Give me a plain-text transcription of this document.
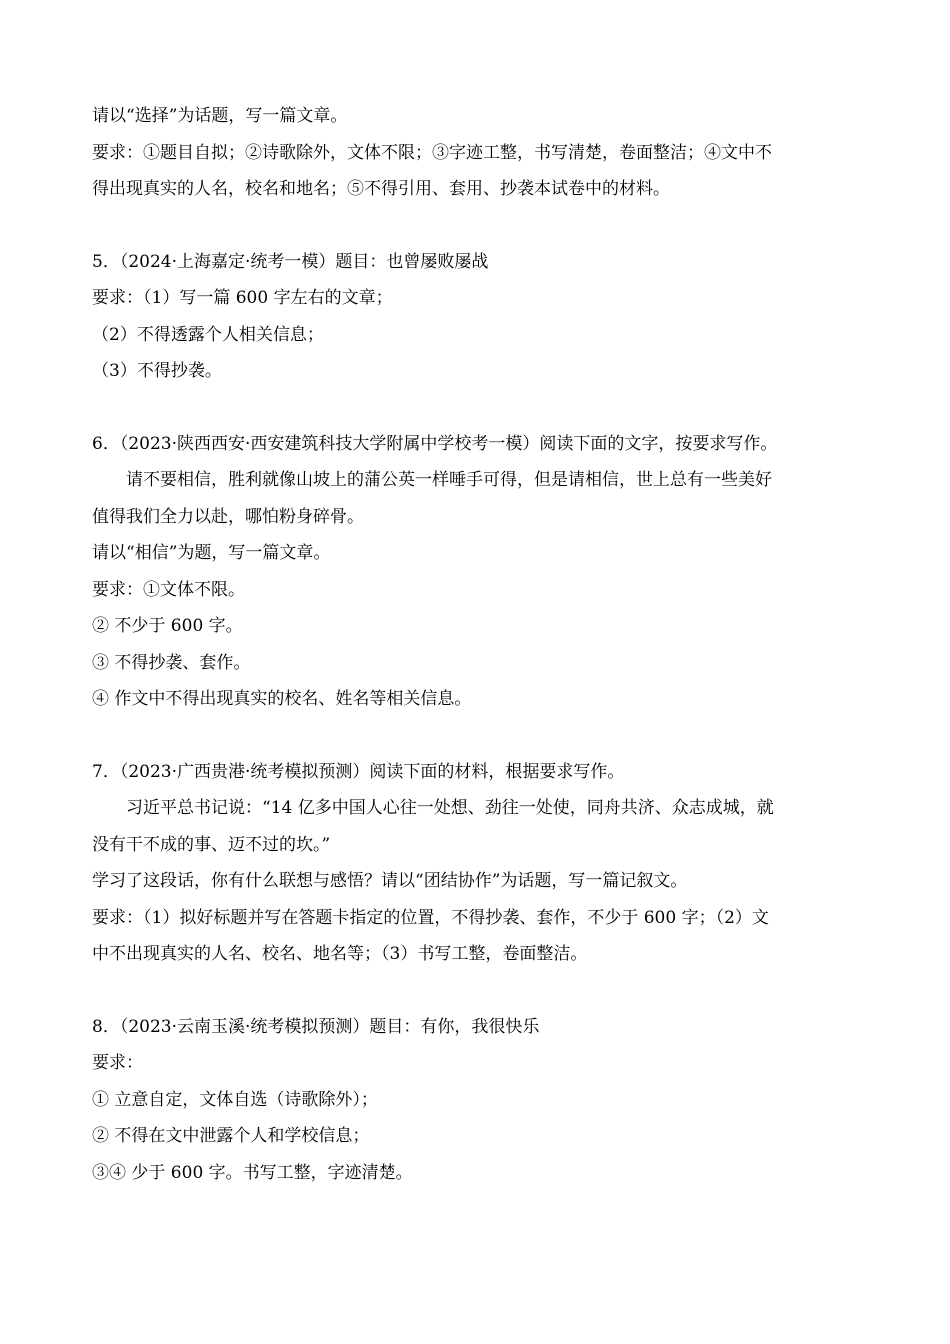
请以“选择”为话题，写一篇文章。
要求：①题目自拟；②诗歌除外，文体不限；③字迹工整，书写清楚，卷面整洁；④文中不
得出现真实的人名，校名和地名；⑤不得引用、套用、抄袭本试卷中的材料。
5．（2024·上海嘉定·统考一模）题目：也曾屡败屡战
要求：（1）写一篇 600 字左右的文章；
（2）不得透露个人相关信息；
（3）不得抄袭。
6．（2023·陕西西安·西安建筑科技大学附属中学校考一模）阅读下面的文字，按要求写作。
请不要相信，胜利就像山坡上的蒲公英一样唾手可得，但是请相信，世上总有一些美好
值得我们全力以赴，哪怕粉身碎骨。
请以“相信”为题，写一篇文章。
要求：①文体不限。
② 不少于 600 字。
③ 不得抄袭、套作。
④ 作文中不得出现真实的校名、姓名等相关信息。
7．（2023·广西贵港·统考模拟预测）阅读下面的材料，根据要求写作。
习近平总书记说：“14 亿多中国人心往一处想、劲往一处使，同舟共济、众志成城，就
没有干不成的事、迈不过的坎。”
学习了这段话，你有什么联想与感悟？请以“团结协作”为话题，写一篇记叙文。
要求：（1）拟好标题并写在答题卡指定的位置，不得抄袭、套作，不少于 600 字；（2）文
中不出现真实的人名、校名、地名等；（3）书写工整，卷面整洁。
8．（2023·云南玉溪·统考模拟预测）题目：有你，我很快乐
要求：
① 立意自定，文体自选（诗歌除外）；
② 不得在文中泄露个人和学校信息；
③④ 少于 600 字。书写工整，字迹清楚。
